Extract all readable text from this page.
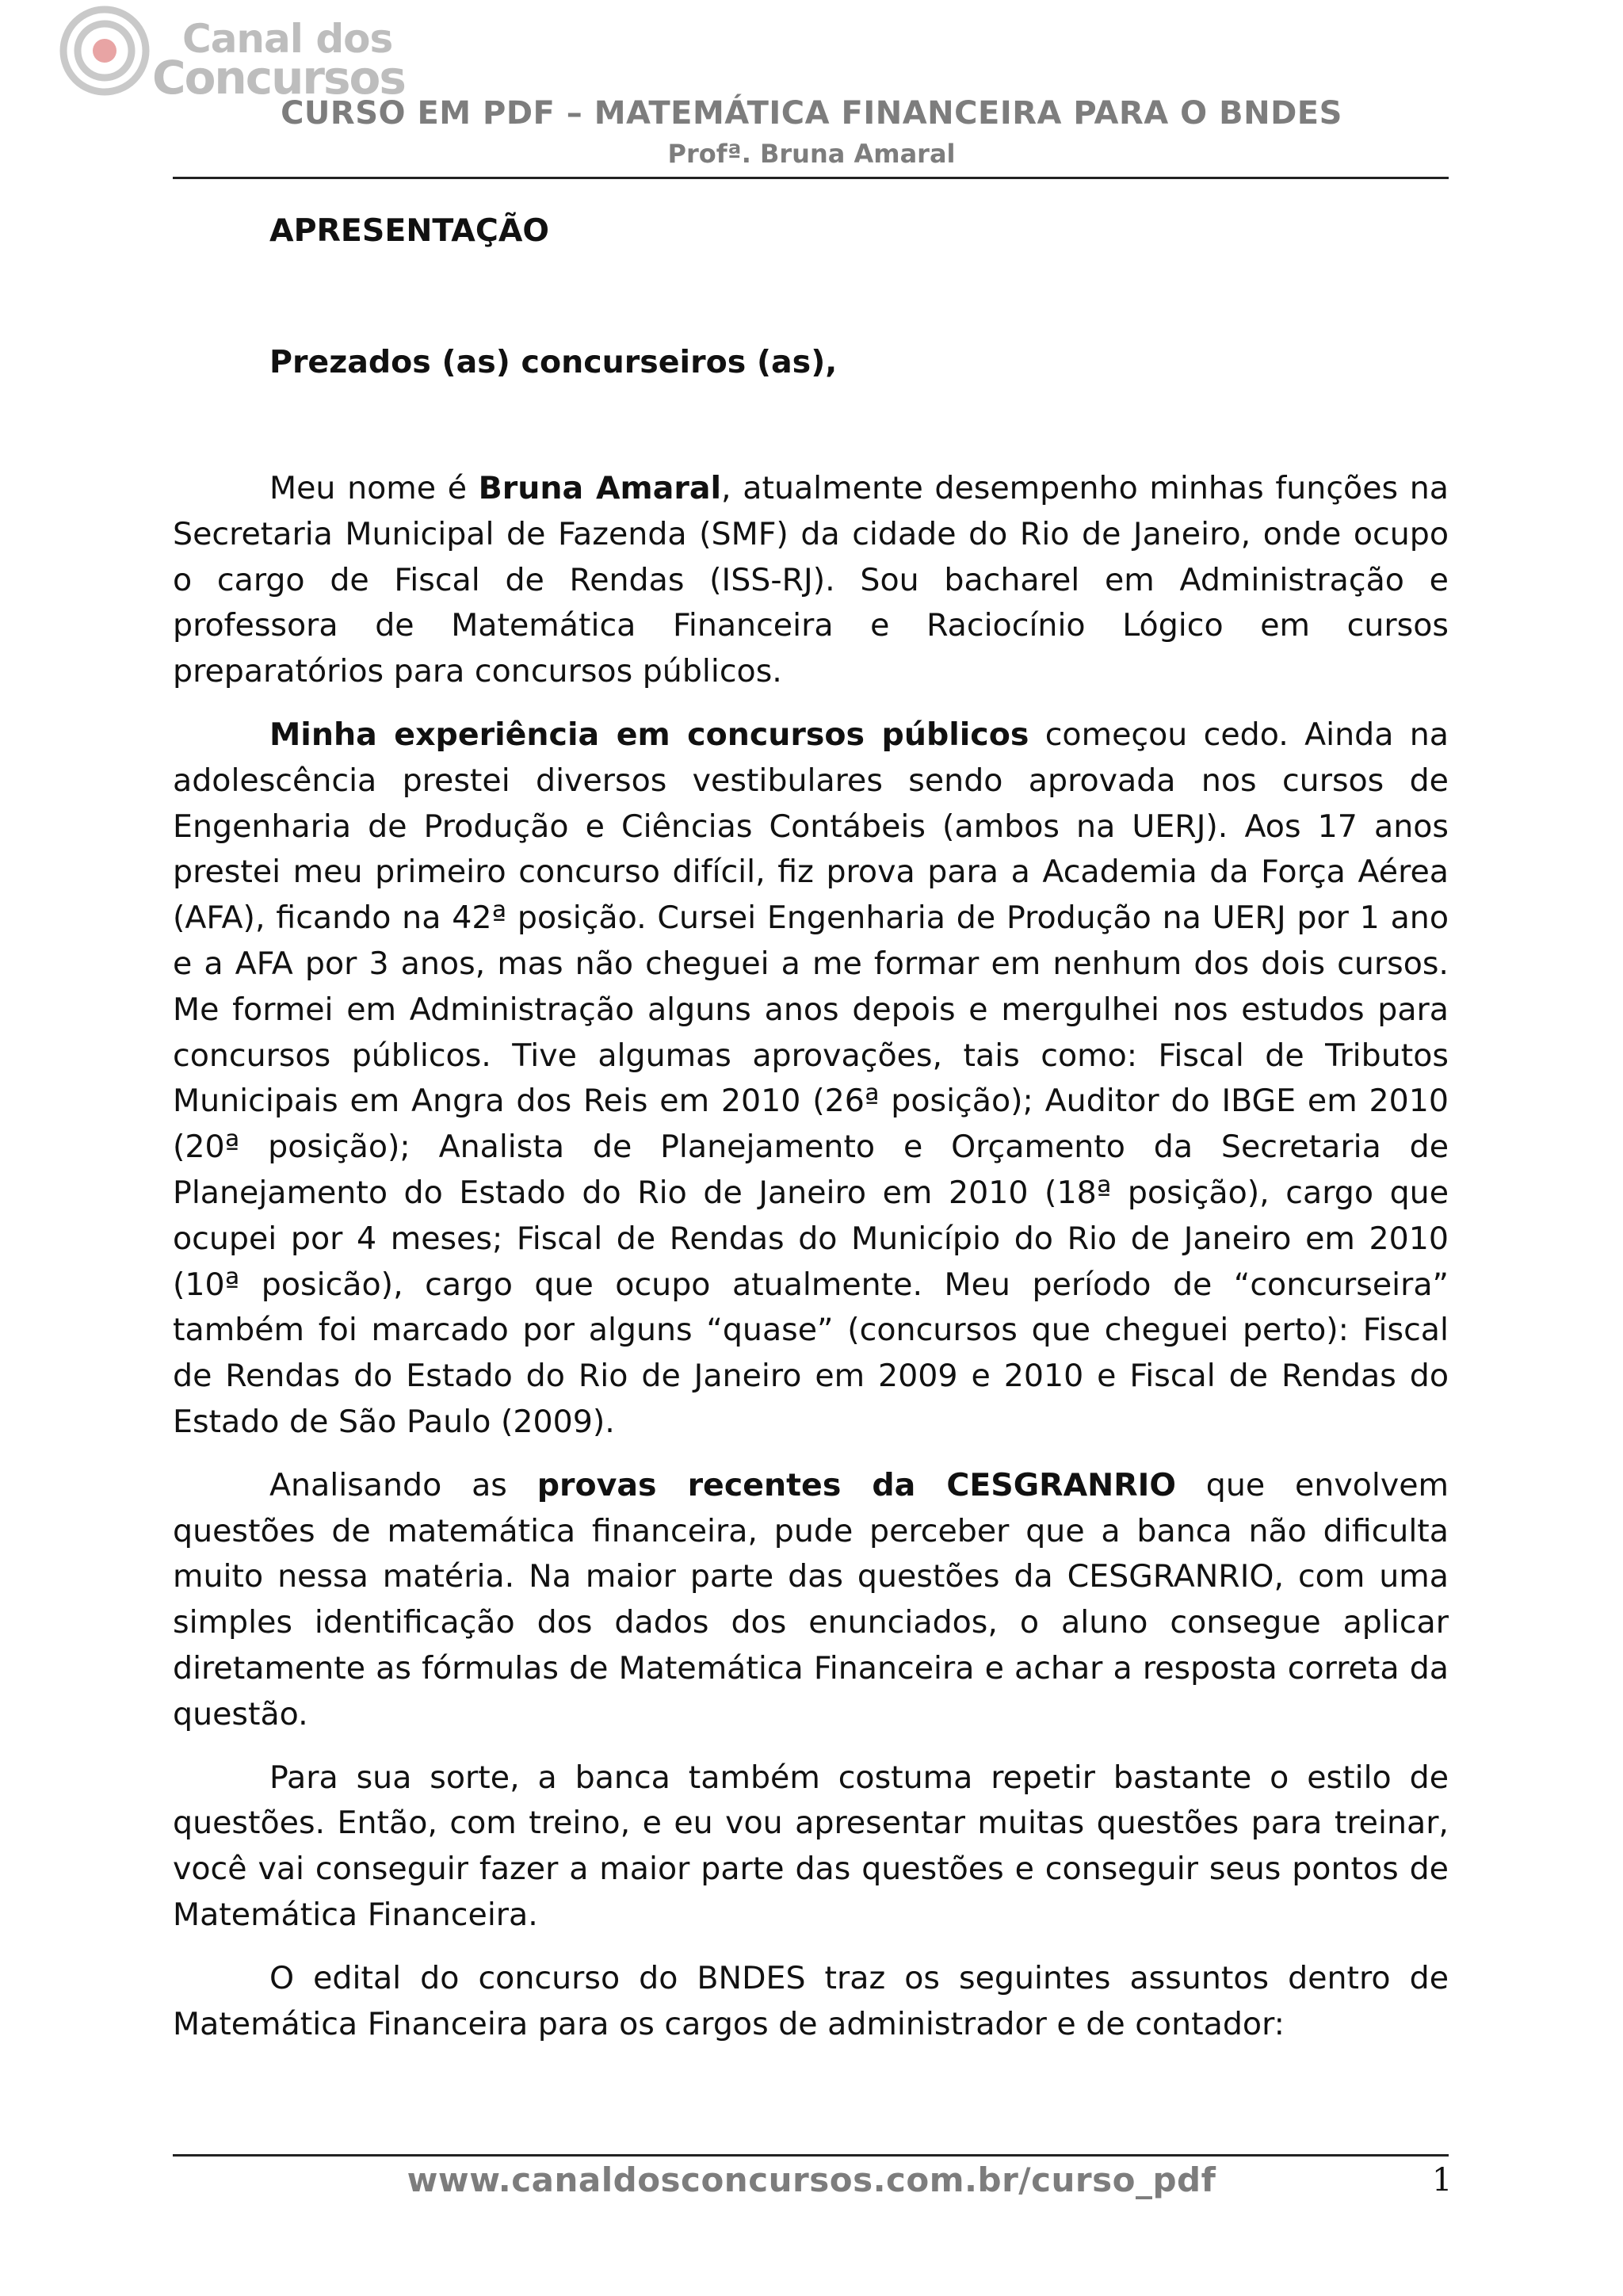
Canal dos
Concursos
CURSO EM PDF – MATEMÁTICA FINANCEIRA PARA O BNDES
Profª. Bruna Amaral
APRESENTAÇÃO
Prezados (as) concurseiros (as),

Meu nome é Bruna Amaral, atualmente desempenho minhas funções na Secretaria Municipal de Fazenda (SMF) da cidade do Rio de Janeiro, onde ocupo o cargo de Fiscal de Rendas (ISS-RJ). Sou bacharel em Administração e professora de Matemática Financeira e Raciocínio Lógico em cursos preparatórios para concursos públicos.

Minha experiência em concursos públicos começou cedo. Ainda na adolescência prestei diversos vestibulares sendo aprovada nos cursos de Engenharia de Produção e Ciências Contábeis (ambos na UERJ). Aos 17 anos prestei meu primeiro concurso difícil, fiz prova para a Academia da Força Aérea (AFA), ficando na 42ª posição. Cursei Engenharia de Produção na UERJ por 1 ano e a AFA por 3 anos, mas não cheguei a me formar em nenhum dos dois cursos. Me formei em Administração alguns anos depois e mergulhei nos estudos para concursos públicos. Tive algumas aprovações, tais como: Fiscal de Tributos Municipais em Angra dos Reis em 2010 (26ª posição); Auditor do IBGE em 2010 (20ª posição); Analista de Planejamento e Orçamento da Secretaria de Planejamento do Estado do Rio de Janeiro em 2010 (18ª posição), cargo que ocupei por 4 meses; Fiscal de Rendas do Município do Rio de Janeiro em 2010 (10ª posicão), cargo que ocupo atualmente. Meu período de “concurseira” também foi marcado por alguns “quase” (concursos que cheguei perto): Fiscal de Rendas do Estado do Rio de Janeiro em 2009 e 2010 e Fiscal de Rendas do Estado de São Paulo (2009).

Analisando as provas recentes da CESGRANRIO que envolvem questões de matemática financeira, pude perceber que a banca não dificulta muito nessa matéria. Na maior parte das questões da CESGRANRIO, com uma simples identificação dos dados dos enunciados, o aluno consegue aplicar diretamente as fórmulas de Matemática Financeira e achar a resposta correta da questão.

Para sua sorte, a banca também costuma repetir bastante o estilo de questões. Então, com treino, e eu vou apresentar muitas questões para treinar, você vai conseguir fazer a maior parte das questões e conseguir seus pontos de Matemática Financeira.

O edital do concurso do BNDES traz os seguintes assuntos dentro de Matemática Financeira para os cargos de administrador e de contador:

www.canaldosconcursos.com.br/curso_pdf	1
